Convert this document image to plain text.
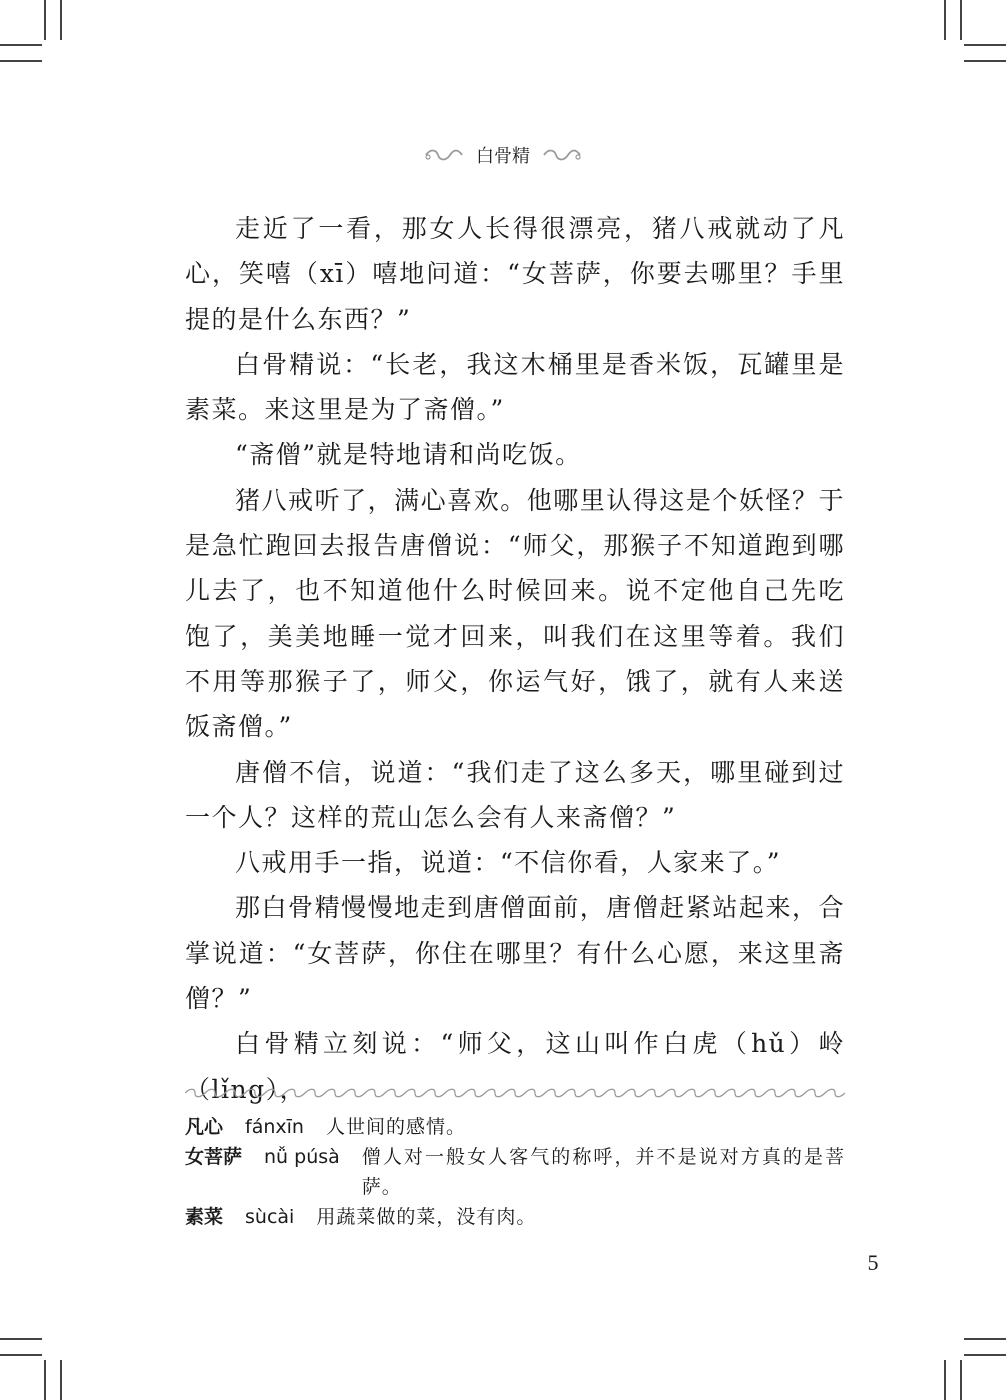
白骨精

走近了一看，那女人长得很漂亮，猪八戒就动了凡心，笑嘻（xī）嘻地问道：“女菩萨，你要去哪里？手里提的是什么东西？”

白骨精说：“长老，我这木桶里是香米饭，瓦罐里是素菜。来这里是为了斋僧。”

“斋僧”就是特地请和尚吃饭。

猪八戒听了，满心喜欢。他哪里认得这是个妖怪？于是急忙跑回去报告唐僧说：“师父，那猴子不知道跑到哪儿去了，也不知道他什么时候回来。说不定他自己先吃饱了，美美地睡一觉才回来，叫我们在这里等着。我们不用等那猴子了，师父，你运气好，饿了，就有人来送饭斋僧。”

唐僧不信，说道：“我们走了这么多天，哪里碰到过一个人？这样的荒山怎么会有人来斋僧？”

八戒用手一指，说道：“不信你看，人家来了。”

那白骨精慢慢地走到唐僧面前，唐僧赶紧站起来，合掌说道：“女菩萨，你住在哪里？有什么心愿，来这里斋僧？”

白骨精立刻说：“师父，这山叫作白虎（hǔ）岭（lǐng），

凡心 fánxīn 人世间的感情。
女菩萨 nǚ púsà 僧人对一般女人客气的称呼，并不是说对方真的是菩萨。
素菜 sùcài 用蔬菜做的菜，没有肉。
5
